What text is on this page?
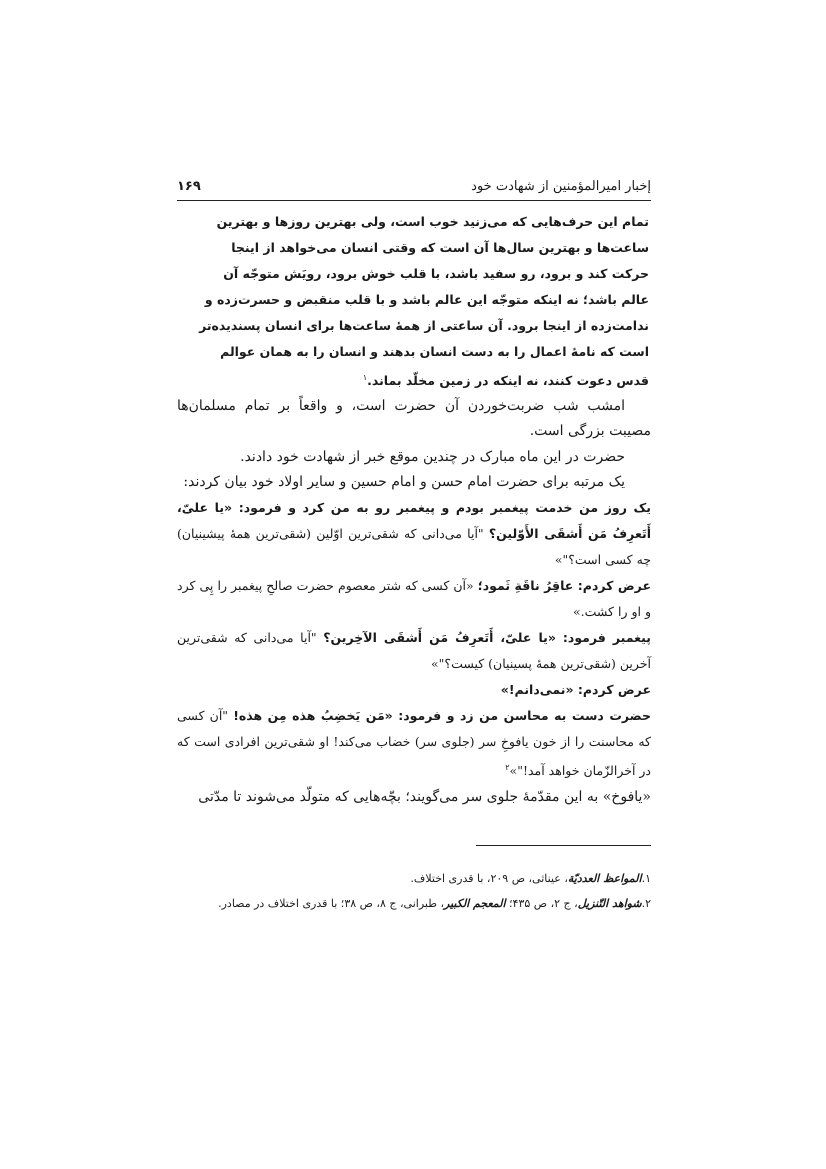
إخبار امیرالمؤمنین از شهادت خود
۱۶۹
تمام این حرف‌هایی که می‌زنید خوب است، ولی بهترین روزها و بهترین
ساعت‌ها و بهترین سال‌ها آن است که وقتی انسان می‌خواهد از اینجا
حرکت کند و برود، رو سفید باشد، با قلب خوش برود، رویَش متوجّه آن
عالم باشد؛ نه اینکه متوجّه این عالم باشد و با قلب منقبض و حسرت‌زده و
ندامت‌زده از اینجا برود. آن ساعتی از همهٔ ساعت‌ها برای انسان پسندیده‌تر
است که نامهٔ اعمال را به دست انسان بدهند و انسان را به همان عوالم
قدس دعوت کنند، نه اینکه در زمین مخلّد بماند.$^۱$

امشب شب ضربت‌خوردن آن حضرت است، و واقعاً بر تمام مسلمان‌ها مصیبت بزرگی است.

حضرت در این ماه مبارک در چندین موقع خبر از شهادت خود دادند.

یک مرتبه برای حضرت امام حسن و امام حسین و سایر اولاد خود بیان کردند:

یک روز من خدمت پیغمبر بودم و پیغمبر رو به من کرد و فرمود: «یا علیّ، أَتَعرِفُ مَن أَشقَی الأَوّلین؟ "آیا می‌دانی که شقی‌ترین اوّلین (شقی‌ترین همهٔ پیشینیان) چه کسی است؟"»

عرض کردم: عاقِرُ ناقَةِ ثَمود؛ «آن کسی که شتر معصوم حضرت صالحِ پیغمبر را پِی کرد و او را کشت.»

پیغمبر فرمود: «یا علیّ، أَتَعرِفُ مَن أَشقَی الآخِرین؟ "آیا می‌دانی که شقی‌ترین آخرین (شقی‌ترین همهٔ پسینیان) کیست؟"»

عرض کردم: «نمی‌دانم!»

حضرت دست به محاسن من زد و فرمود: «مَن یَخضِبُ هذه مِن هذه! "آن کسی که محاسنت را از خون یافوخِ سر (جلوی سر) خضاب می‌کند! او شقی‌ترین افرادی است که در آخرالزّمان خواهد آمد!"»$^۲$

«یافوخ» به این مقدّمهٔ جلوی سر می‌گویند؛ بچّه‌هایی که متولّد می‌شوند تا مدّتی

۱.المواعظ العددیّة، عیناثی، ص ۲۰۹، با قدری اختلاف.
۲.شواهد التّنزیل، ج ۲، ص ۴۳۵؛ المعجم الکبیر، طبرانی، ج ۸، ص ۳۸؛ با قدری اختلاف در مصادر.
